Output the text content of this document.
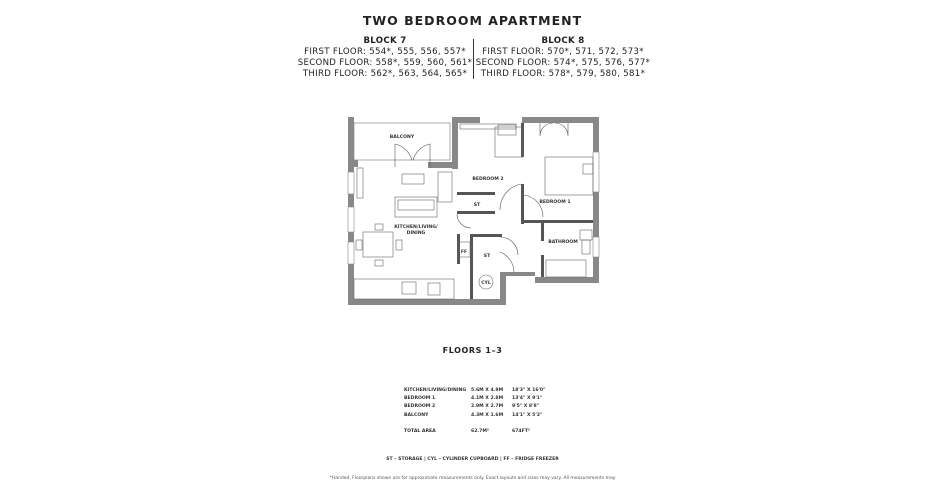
TWO BEDROOM APARTMENT
BLOCK 7
FIRST FLOOR: 554*, 555, 556, 557*
SECOND FLOOR: 558*, 559, 560, 561*
THIRD FLOOR: 562*, 563, 564, 565*
BLOCK 8
FIRST FLOOR: 570*, 571, 572, 573*
SECOND FLOOR: 574*, 575, 576, 577*
THIRD FLOOR: 578*, 579, 580, 581*
BALCONY
BEDROOM 2
BEDROOM 1
KITCHEN/LIVING/
DINING
ST
ST
FF
BATHROOM
CYL
FLOORS 1–3
KITCHEN/LIVING/DINING	5.6M X 4.9M	18'3" X 16'0"
BEDROOM 1	4.1M X 2.8M	13'4" X 9'1"
BEDROOM 2	2.9M X 2.7M	9'5" X 8'8"
BALCONY	4.3M X 1.6M	14'1" X 5'2"

TOTAL AREA	62.7M²	674FT²
ST – STORAGE | CYL – CYLINDER CUPBOARD | FF – FRIDGE FREEZER
*Handed. Floorplans shown are for approximate measurements only. Exact layouts and sizes may vary. All measurements may
